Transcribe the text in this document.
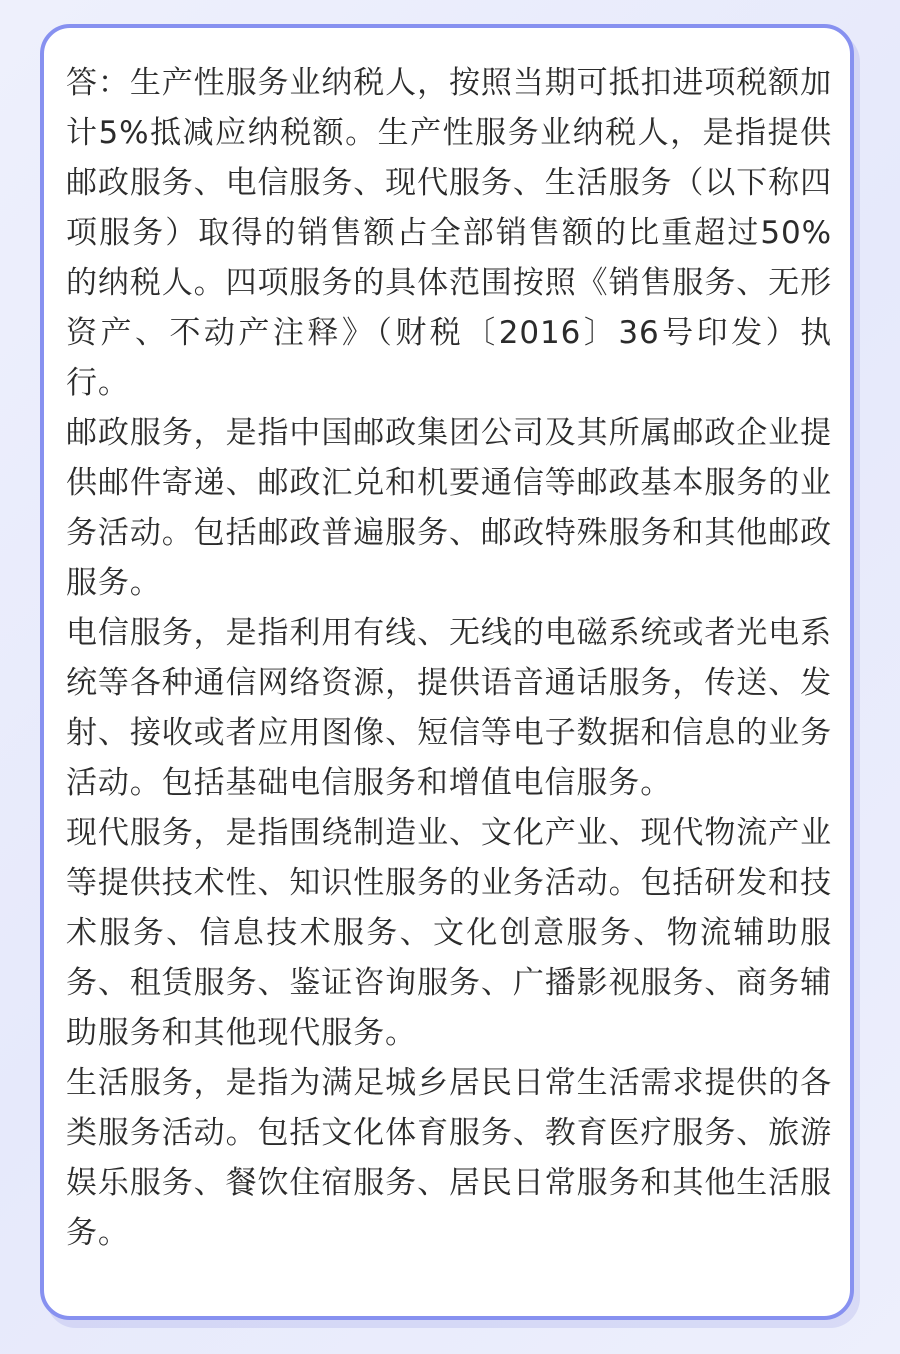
答：生产性服务业纳税人，按照当期可抵扣进项税额加计5%抵减应纳税额。生产性服务业纳税人，是指提供邮政服务、电信服务、现代服务、生活服务（以下称四项服务）取得的销售额占全部销售额的比重超过50%的纳税人。四项服务的具体范围按照《销售服务、无形资产、不动产注释》（财税〔2016〕36号印发）执行。

邮政服务，是指中国邮政集团公司及其所属邮政企业提供邮件寄递、邮政汇兑和机要通信等邮政基本服务的业务活动。包括邮政普遍服务、邮政特殊服务和其他邮政服务。

电信服务，是指利用有线、无线的电磁系统或者光电系统等各种通信网络资源，提供语音通话服务，传送、发射、接收或者应用图像、短信等电子数据和信息的业务活动。包括基础电信服务和增值电信服务。

现代服务，是指围绕制造业、文化产业、现代物流产业等提供技术性、知识性服务的业务活动。包括研发和技术服务、信息技术服务、文化创意服务、物流辅助服务、租赁服务、鉴证咨询服务、广播影视服务、商务辅助服务和其他现代服务。

生活服务，是指为满足城乡居民日常生活需求提供的各类服务活动。包括文化体育服务、教育医疗服务、旅游娱乐服务、餐饮住宿服务、居民日常服务和其他生活服务。
